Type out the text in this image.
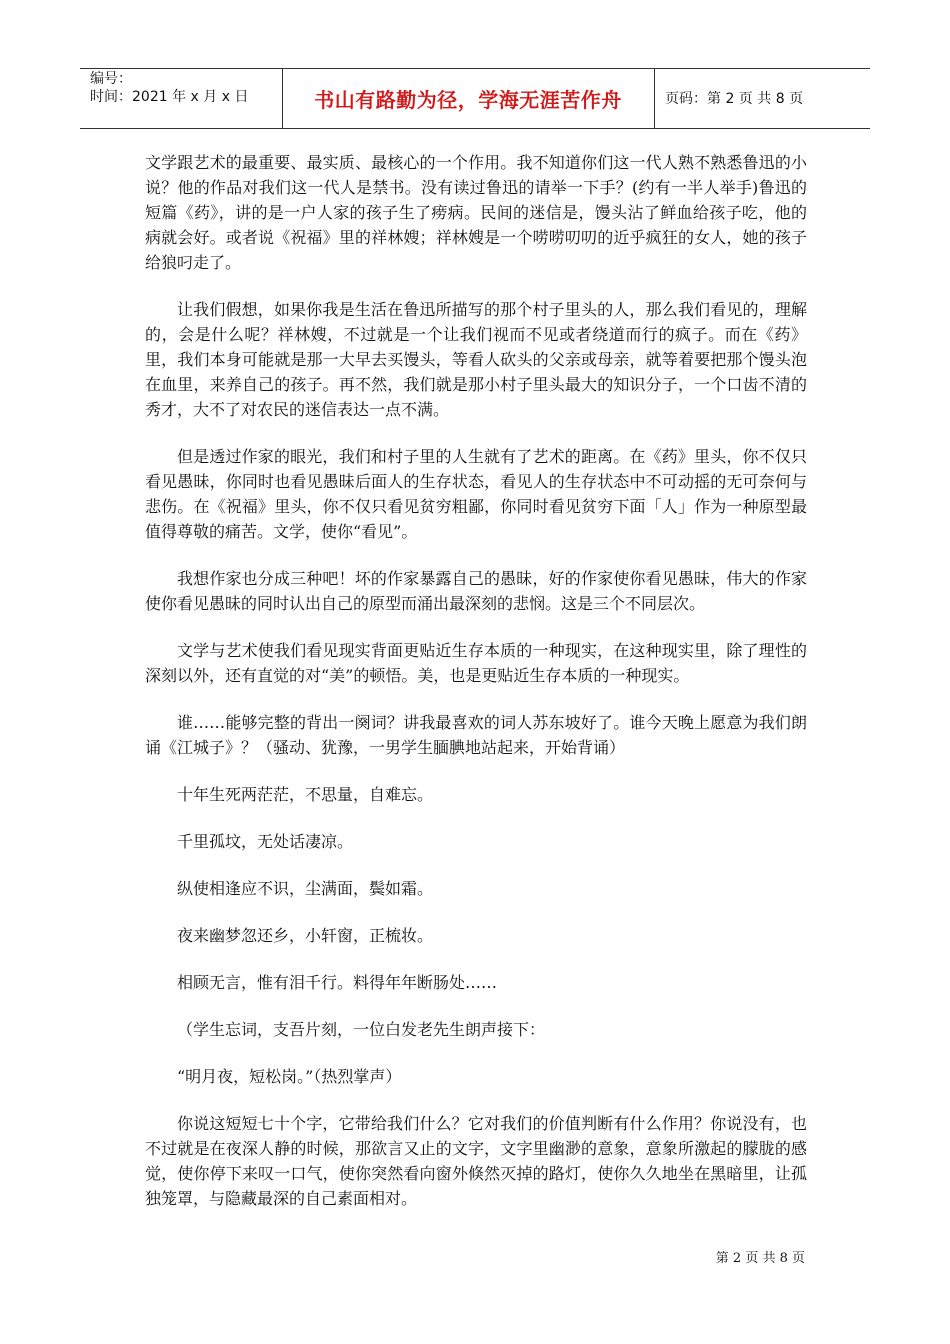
编号：
时间：2021 年 x 月 x 日	书山有路勤为径，学海无涯苦作舟	页码：第 2 页 共 8 页

文学跟艺术的最重要、最实质、最核心的一个作用。我不知道你们这一代人熟不熟悉鲁迅的小说？他的作品对我们这一代人是禁书。没有读过鲁迅的请举一下手？(约有一半人举手)鲁迅的短篇《药》，讲的是一户人家的孩子生了痨病。民间的迷信是，馒头沾了鲜血给孩子吃，他的病就会好。或者说《祝福》里的祥林嫂；祥林嫂是一个唠唠叨叨的近乎疯狂的女人，她的孩子给狼叼走了。

让我们假想，如果你我是生活在鲁迅所描写的那个村子里头的人，那么我们看见的，理解的，会是什么呢？祥林嫂，不过就是一个让我们视而不见或者绕道而行的疯子。而在《药》里，我们本身可能就是那一大早去买馒头，等看人砍头的父亲或母亲，就等着要把那个馒头泡在血里，来养自己的孩子。再不然，我们就是那小村子里头最大的知识分子，一个口齿不清的秀才，大不了对农民的迷信表达一点不满。

但是透过作家的眼光，我们和村子里的人生就有了艺术的距离。在《药》里头，你不仅只看见愚昧，你同时也看见愚昧后面人的生存状态，看见人的生存状态中不可动摇的无可奈何与悲伤。在《祝福》里头，你不仅只看见贫穷粗鄙，你同时看见贫穷下面「人」作为一种原型最值得尊敬的痛苦。文学，使你“看见”。

我想作家也分成三种吧！坏的作家暴露自己的愚昧，好的作家使你看见愚昧，伟大的作家使你看见愚昧的同时认出自己的原型而涌出最深刻的悲悯。这是三个不同层次。

文学与艺术使我们看见现实背面更贴近生存本质的一种现实，在这种现实里，除了理性的深刻以外，还有直觉的对“美”的顿悟。美，也是更贴近生存本质的一种现实。

谁……能够完整的背出一阕词？讲我最喜欢的词人苏东坡好了。谁今天晚上愿意为我们朗诵《江城子》？（骚动、犹豫，一男学生腼腆地站起来，开始背诵）

十年生死两茫茫，不思量，自难忘。

千里孤坟，无处话凄凉。

纵使相逢应不识，尘满面，鬓如霜。

夜来幽梦忽还乡，小轩窗，正梳妆。

相顾无言，惟有泪千行。料得年年断肠处……

（学生忘词，支吾片刻，一位白发老先生朗声接下：

“明月夜，短松岗。”（热烈掌声）

你说这短短七十个字，它带给我们什么？它对我们的价值判断有什么作用？你说没有，也不过就是在夜深人静的时候，那欲言又止的文字，文字里幽渺的意象，意象所激起的朦胧的感觉，使你停下来叹一口气，使你突然看向窗外倏然灭掉的路灯，使你久久地坐在黑暗里，让孤独笼罩，与隐藏最深的自己素面相对。

第 2 页 共 8 页
